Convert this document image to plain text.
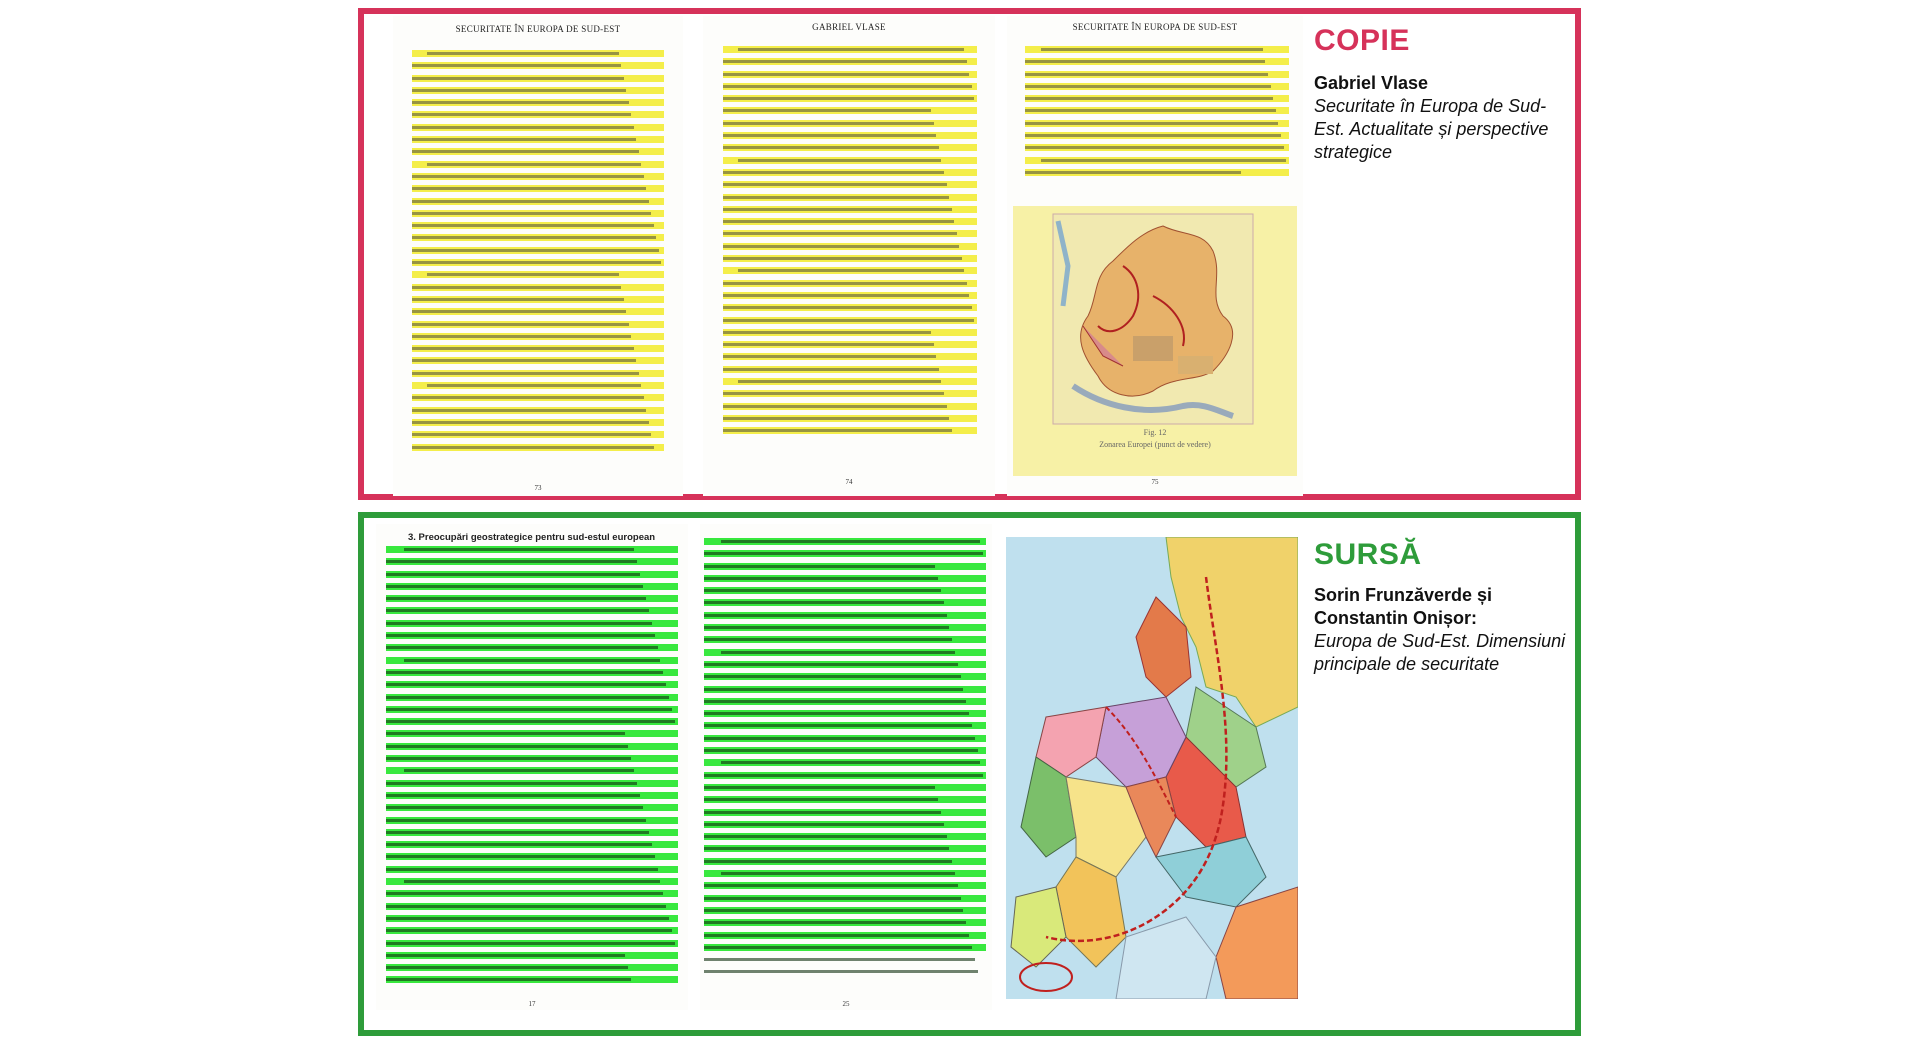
SECURITATE ÎN EUROPA DE SUD-EST
73
GABRIEL VLASE
74
SECURITATE ÎN EUROPA DE SUD-EST
Fig. 12
Zonarea Europei (punct de vedere)
75
COPIE
Gabriel Vlase
Securitate în Europa de Sud-Est. Actualitate și perspective strategice
3. Preocupări geostrategice pentru sud-estul european
17	25
SURSĂ
Sorin Frunzăverde și Constantin Onișor:
Europa de Sud-Est. Dimensiuni principale de securitate
